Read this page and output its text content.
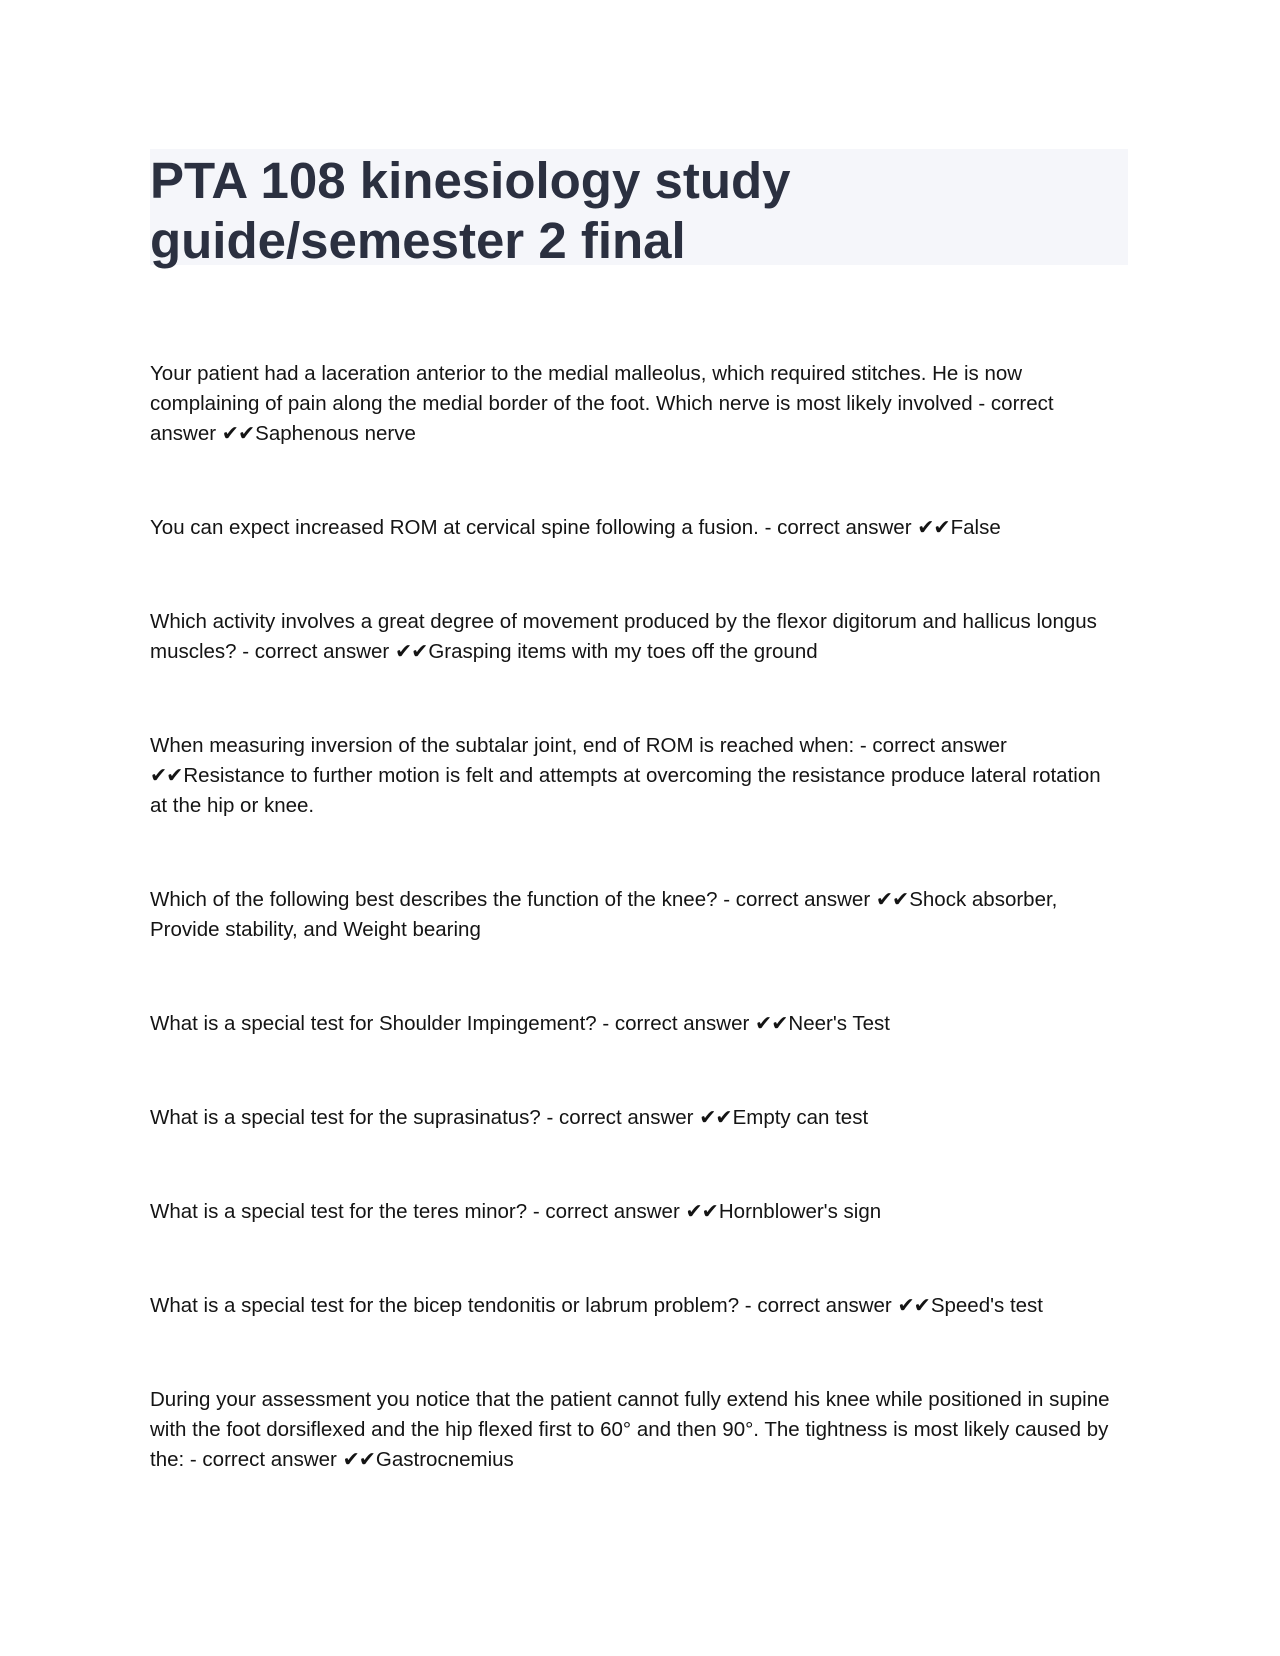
PTA 108 kinesiology study guide/semester 2 final

Your patient had a laceration anterior to the medial malleolus, which required stitches. He is now complaining of pain along the medial border of the foot. Which nerve is most likely involved - correct answer ✔✔Saphenous nerve

You can expect increased ROM at cervical spine following a fusion. - correct answer ✔✔False

Which activity involves a great degree of movement produced by the flexor digitorum and hallicus longus muscles? - correct answer ✔✔Grasping items with my toes off the ground

When measuring inversion of the subtalar joint, end of ROM is reached when: - correct answer ✔✔Resistance to further motion is felt and attempts at overcoming the resistance produce lateral rotation at the hip or knee.

Which of the following best describes the function of the knee? - correct answer ✔✔Shock absorber, Provide stability, and Weight bearing

What is a special test for Shoulder Impingement? - correct answer ✔✔Neer's Test

What is a special test for the suprasinatus? - correct answer ✔✔Empty can test

What is a special test for the teres minor? - correct answer ✔✔Hornblower's sign

What is a special test for the bicep tendonitis or labrum problem? - correct answer ✔✔Speed's test

During your assessment you notice that the patient cannot fully extend his knee while positioned in supine with the foot dorsiflexed and the hip flexed first to 60° and then 90°. The tightness is most likely caused by the: - correct answer ✔✔Gastrocnemius
